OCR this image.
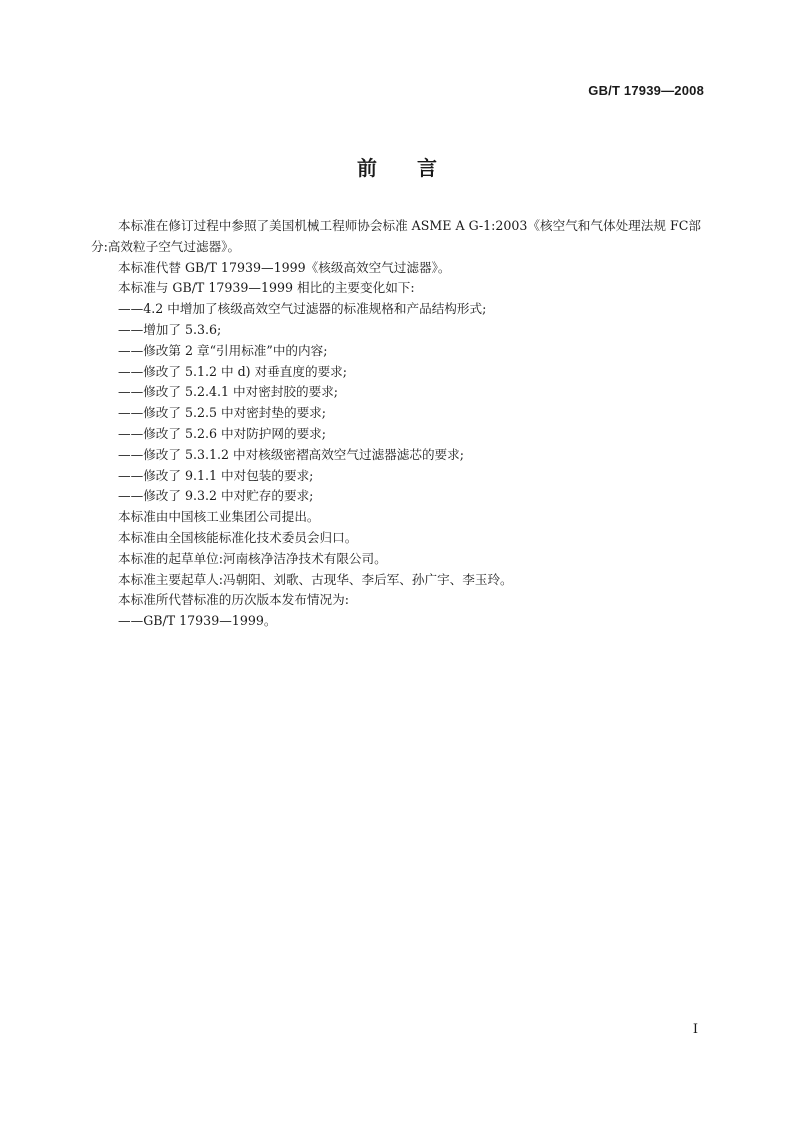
GB/T 17939—2008
前言

本标准在修订过程中参照了美国机械工程师协会标准 ASME A G-1:2003《核空气和气体处理法规 FC部分:高效粒子空气过滤器》。

本标准代替 GB/T 17939—1999《核级高效空气过滤器》。

本标准与 GB/T 17939—1999 相比的主要变化如下:

——4.2 中增加了核级高效空气过滤器的标准规格和产品结构形式;

——增加了 5.3.6;

——修改第 2 章“引用标准”中的内容;

——修改了 5.1.2 中 d) 对垂直度的要求;

——修改了 5.2.4.1 中对密封胶的要求;

——修改了 5.2.5 中对密封垫的要求;

——修改了 5.2.6 中对防护网的要求;

——修改了 5.3.1.2 中对核级密褶高效空气过滤器滤芯的要求;

——修改了 9.1.1 中对包装的要求;

——修改了 9.3.2 中对贮存的要求;

本标准由中国核工业集团公司提出。

本标准由全国核能标准化技术委员会归口。

本标准的起草单位:河南核净洁净技术有限公司。

本标准主要起草人:冯朝阳、刘歌、古现华、李后军、孙广宇、李玉玲。

本标准所代替标准的历次版本发布情况为:

——GB/T 17939—1999。

I
